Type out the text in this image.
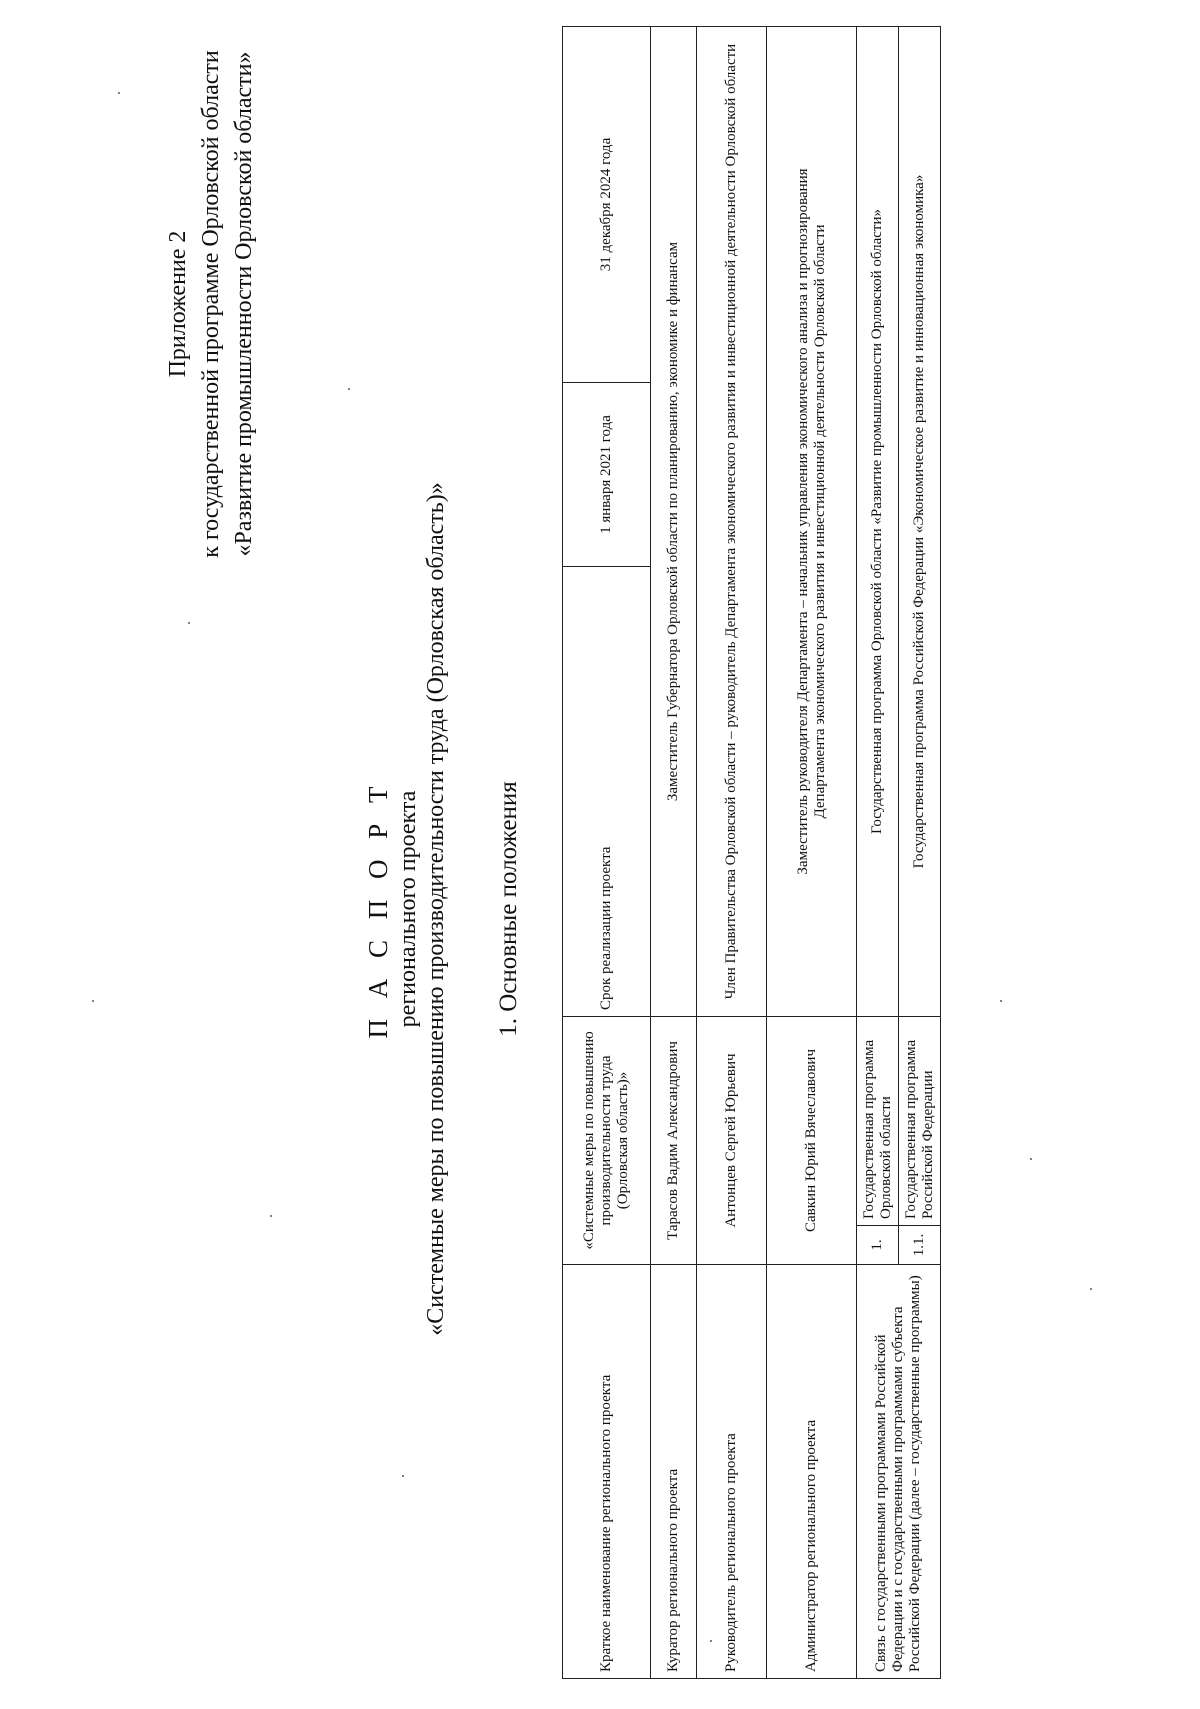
Приложение 2 к государственной программе Орловской области «Развитие промышленности Орловской области»
П А С П О Р Т регионального проекта «Системные меры по повышению производительности труда (Орловская область)» 1. Основные положения
Краткое наименование регионального проекта	«Системные меры по повышению производительности труда (Орловская область)»		Срок реализации проекта	1 января 2021 года	31 декабря 2024 года
Куратор регионального проекта	Тарасов Вадим Александрович		Заместитель Губернатора Орловской области по планированию, экономике и финансам		
Руководитель регионального проекта	Антонцев Сергей Юрьевич		Член Правительства Орловской области – руководитель Департамента экономического развития и инвестиционной деятельности Орловской области		
Администратор регионального проекта	Савкин Юрий Вячеславович		Заместитель руководителя Департамента – начальник управления экономического анализа и прогнозирования Департамента экономического развития и инвестиционной деятельности Орловской области		

Связь с государственными программами Российской Федерации и с государственными программами субъекта Российской Федерации (далее – государственные программы)	1.	Государственная программа Орловской области	Государственная программа Орловской области «Развитие промышленности Орловской области»		
	1.1.	Государственная программа Российской Федерации	Государственная программа Российской Федерации «Экономическое развитие и инновационная экономика»		
